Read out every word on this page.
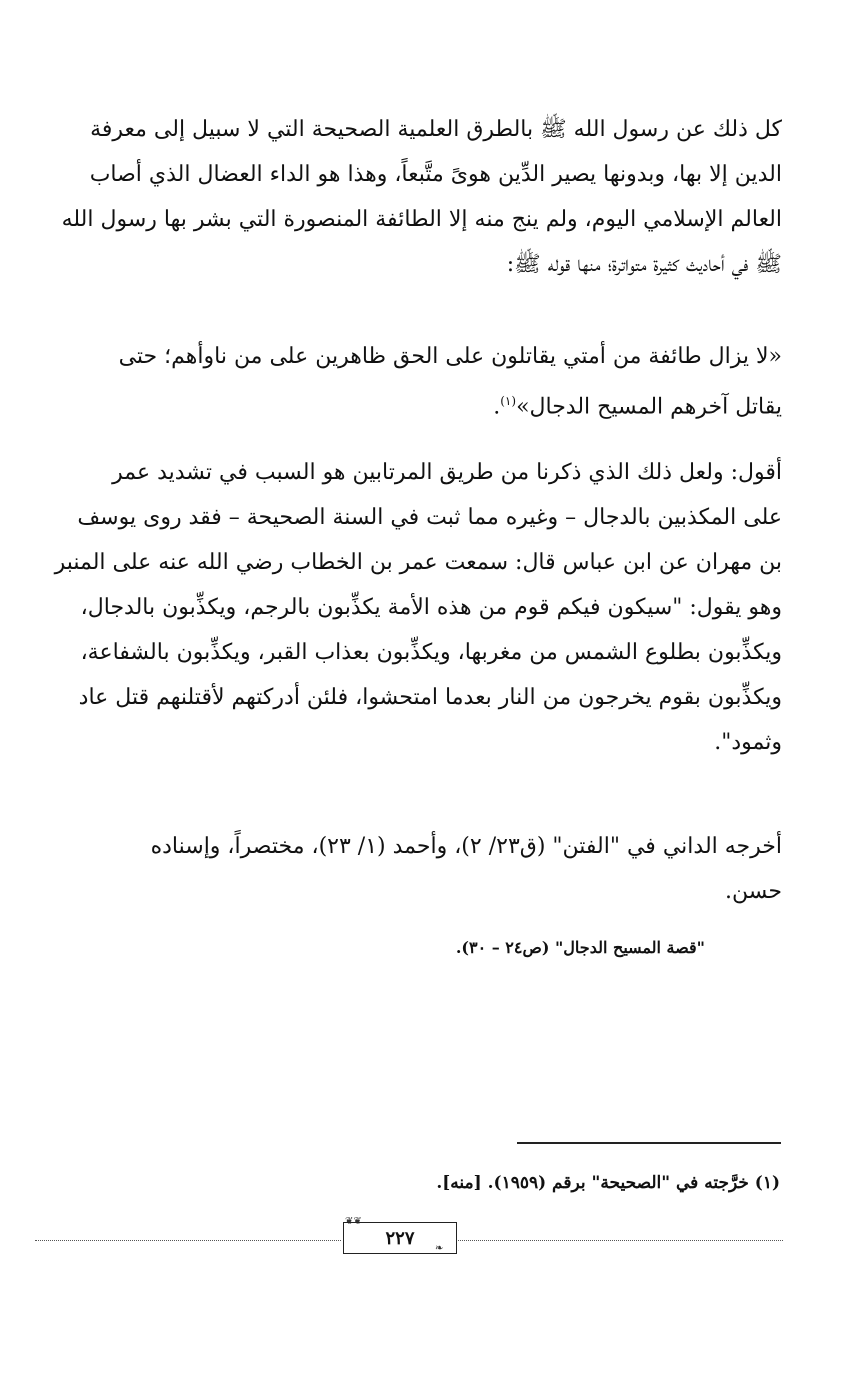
كل ذلك عن رسول الله ﷺ بالطرق العلمية الصحيحة التي لا سبيل إلى معرفة
الدين إلا بها، وبدونها يصير الدِّين هوىً متَّبعاً، وهذا هو الداء العضال الذي أصاب
العالم الإسلامي اليوم، ولم ينج منه إلا الطائفة المنصورة التي بشر بها رسول الله
ﷺ في أحاديث كثيرة متواترة؛ منها قوله ﷺ:
«لا يزال طائفة من أمتي يقاتلون على الحق ظاهرين على من ناوأهم؛ حتى
يقاتل آخرهم المسيح الدجال»$^{(١)}$.
أقول: ولعل ذلك الذي ذكرنا من طريق المرتابين هو السبب في تشديد عمر
على المكذبين بالدجال – وغيره مما ثبت في السنة الصحيحة – فقد روى يوسف
بن مهران عن ابن عباس قال: سمعت عمر بن الخطاب رضي الله عنه على المنبر
وهو يقول: "سيكون فيكم قوم من هذه الأمة يكذِّبون بالرجم، ويكذِّبون بالدجال،
ويكذِّبون بطلوع الشمس من مغربها، ويكذِّبون بعذاب القبر، ويكذِّبون بالشفاعة،
ويكذِّبون بقوم يخرجون من النار بعدما امتحشوا، فلئن أدركتهم لأقتلنهم قتل عاد
وثمود".
أخرجه الداني في "الفتن" (ق٢٣/ ٢)، وأحمد (١/ ٢٣)، مختصراً، وإسناده
حسن.
"قصة المسيح الدجال" (ص٢٤ – ٣٠).
(١) خرَّجته في "الصحيحة" برقم (١٩٥٩). [منه].
❦❦
٢٢٧ ❧
